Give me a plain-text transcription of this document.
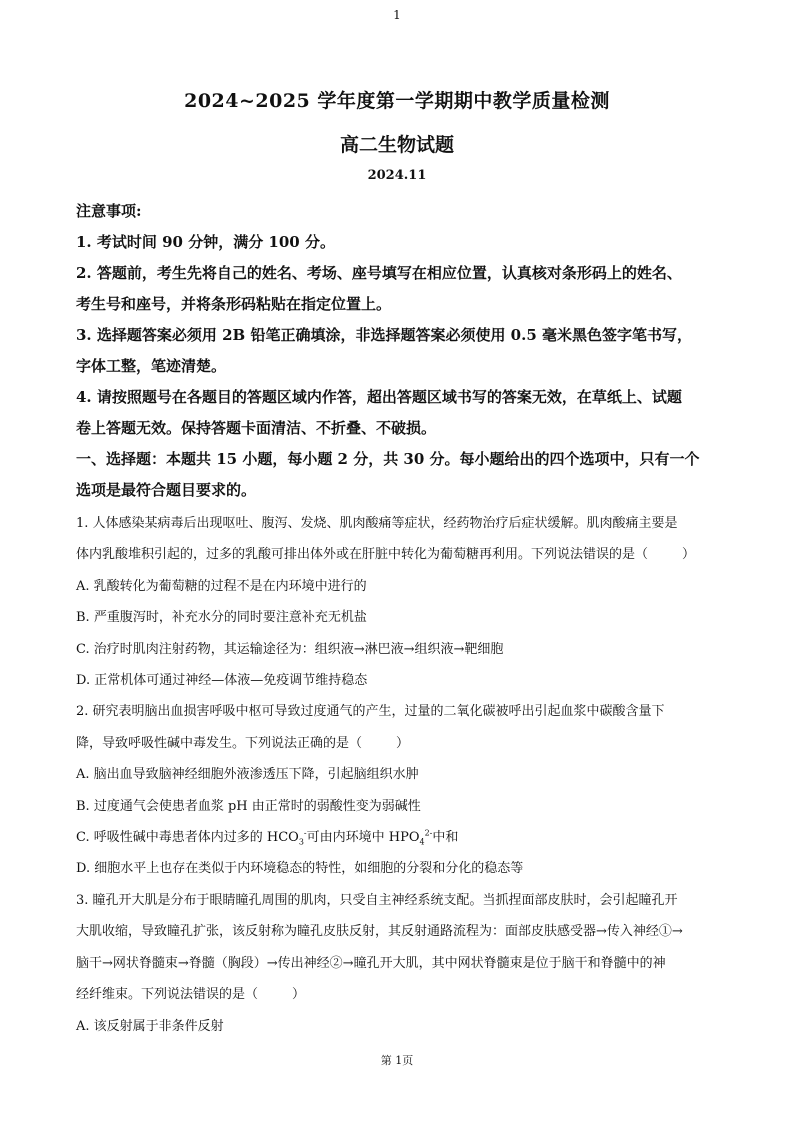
1
2024~2025 学年度第一学期期中教学质量检测
高二生物试题
2024.11

注意事项:

1. 考试时间 90 分钟，满分 100 分。

2. 答题前，考生先将自己的姓名、考场、座号填写在相应位置，认真核对条形码上的姓名、

考生号和座号，并将条形码粘贴在指定位置上。

3. 选择题答案必须用 2B 铅笔正确填涂，非选择题答案必须使用 0.5 毫米黑色签字笔书写，

字体工整，笔迹清楚。

4. 请按照题号在各题目的答题区域内作答，超出答题区域书写的答案无效，在草纸上、试题

卷上答题无效。保持答题卡面清洁、不折叠、不破损。

一、选择题：本题共 15 小题，每小题 2 分，共 30 分。每小题给出的四个选项中，只有一个

选项是最符合题目要求的。

1. 人体感染某病毒后出现呕吐、腹泻、发烧、肌肉酸痛等症状，经药物治疗后症状缓解。肌肉酸痛主要是

体内乳酸堆积引起的，过多的乳酸可排出体外或在肝脏中转化为葡萄糖再利用。下列说法错误的是（	）

A. 乳酸转化为葡萄糖的过程不是在内环境中进行的

B. 严重腹泻时，补充水分的同时要注意补充无机盐

C. 治疗时肌肉注射药物，其运输途径为：组织液→淋巴液→组织液→靶细胞

D. 正常机体可通过神经—体液—免疫调节维持稳态

2. 研究表明脑出血损害呼吸中枢可导致过度通气的产生，过量的二氧化碳被呼出引起血浆中碳酸含量下

降，导致呼吸性碱中毒发生。下列说法正确的是（	）

A. 脑出血导致脑神经细胞外液渗透压下降，引起脑组织水肿

B. 过度通气会使患者血浆 pH 由正常时的弱酸性变为弱碱性

C. 呼吸性碱中毒患者体内过多的 $HCO_3^-$可由内环境中 $HPO_4^{2-}$中和

D. 细胞水平上也存在类似于内环境稳态的特性，如细胞的分裂和分化的稳态等

3. 瞳孔开大肌是分布于眼睛瞳孔周围的肌肉，只受自主神经系统支配。当抓捏面部皮肤时，会引起瞳孔开

大肌收缩，导致瞳孔扩张，该反射称为瞳孔皮肤反射，其反射通路流程为：面部皮肤感受器→传入神经①→

脑干→网状脊髓束→脊髓（胸段）→传出神经②→瞳孔开大肌，其中网状脊髓束是位于脑干和脊髓中的神

经纤维束。下列说法错误的是（	）

A. 该反射属于非条件反射

第 1页
